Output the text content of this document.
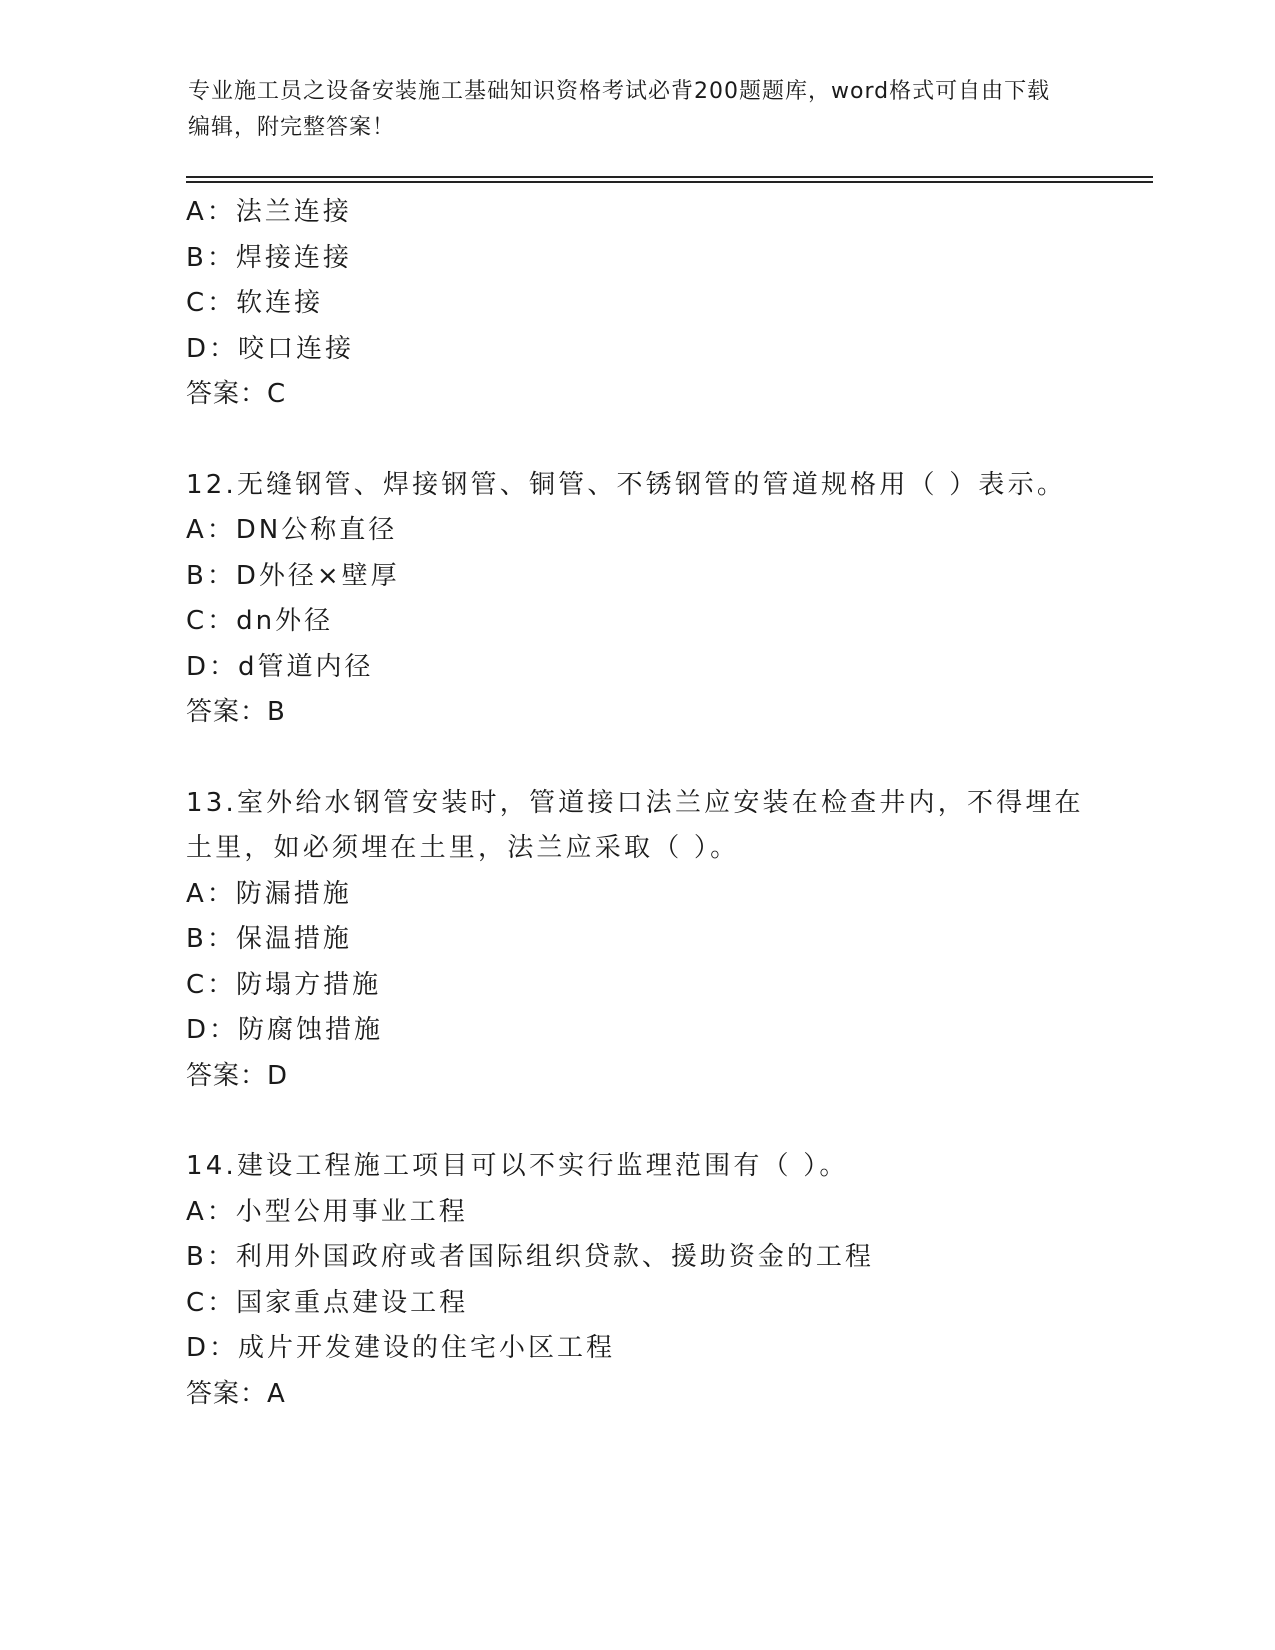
专业施工员之设备安装施工基础知识资格考试必背200题题库，word格式可自由下载编辑，附完整答案！
A：法兰连接
B：焊接连接
C：软连接
D：咬口连接
答案：C
12.无缝钢管、焊接钢管、铜管、不锈钢管的管道规格用（ ）表示。
A：DN公称直径
B：D外径×壁厚
C：dn外径
D：d管道内径
答案：B
13.室外给水钢管安装时，管道接口法兰应安装在检查井内，不得埋在土里，如必须埋在土里，法兰应采取（ ）。
A：防漏措施
B：保温措施
C：防塌方措施
D：防腐蚀措施
答案：D
14.建设工程施工项目可以不实行监理范围有（ ）。
A：小型公用事业工程
B：利用外国政府或者国际组织贷款、援助资金的工程
C：国家重点建设工程
D：成片开发建设的住宅小区工程
答案：A
